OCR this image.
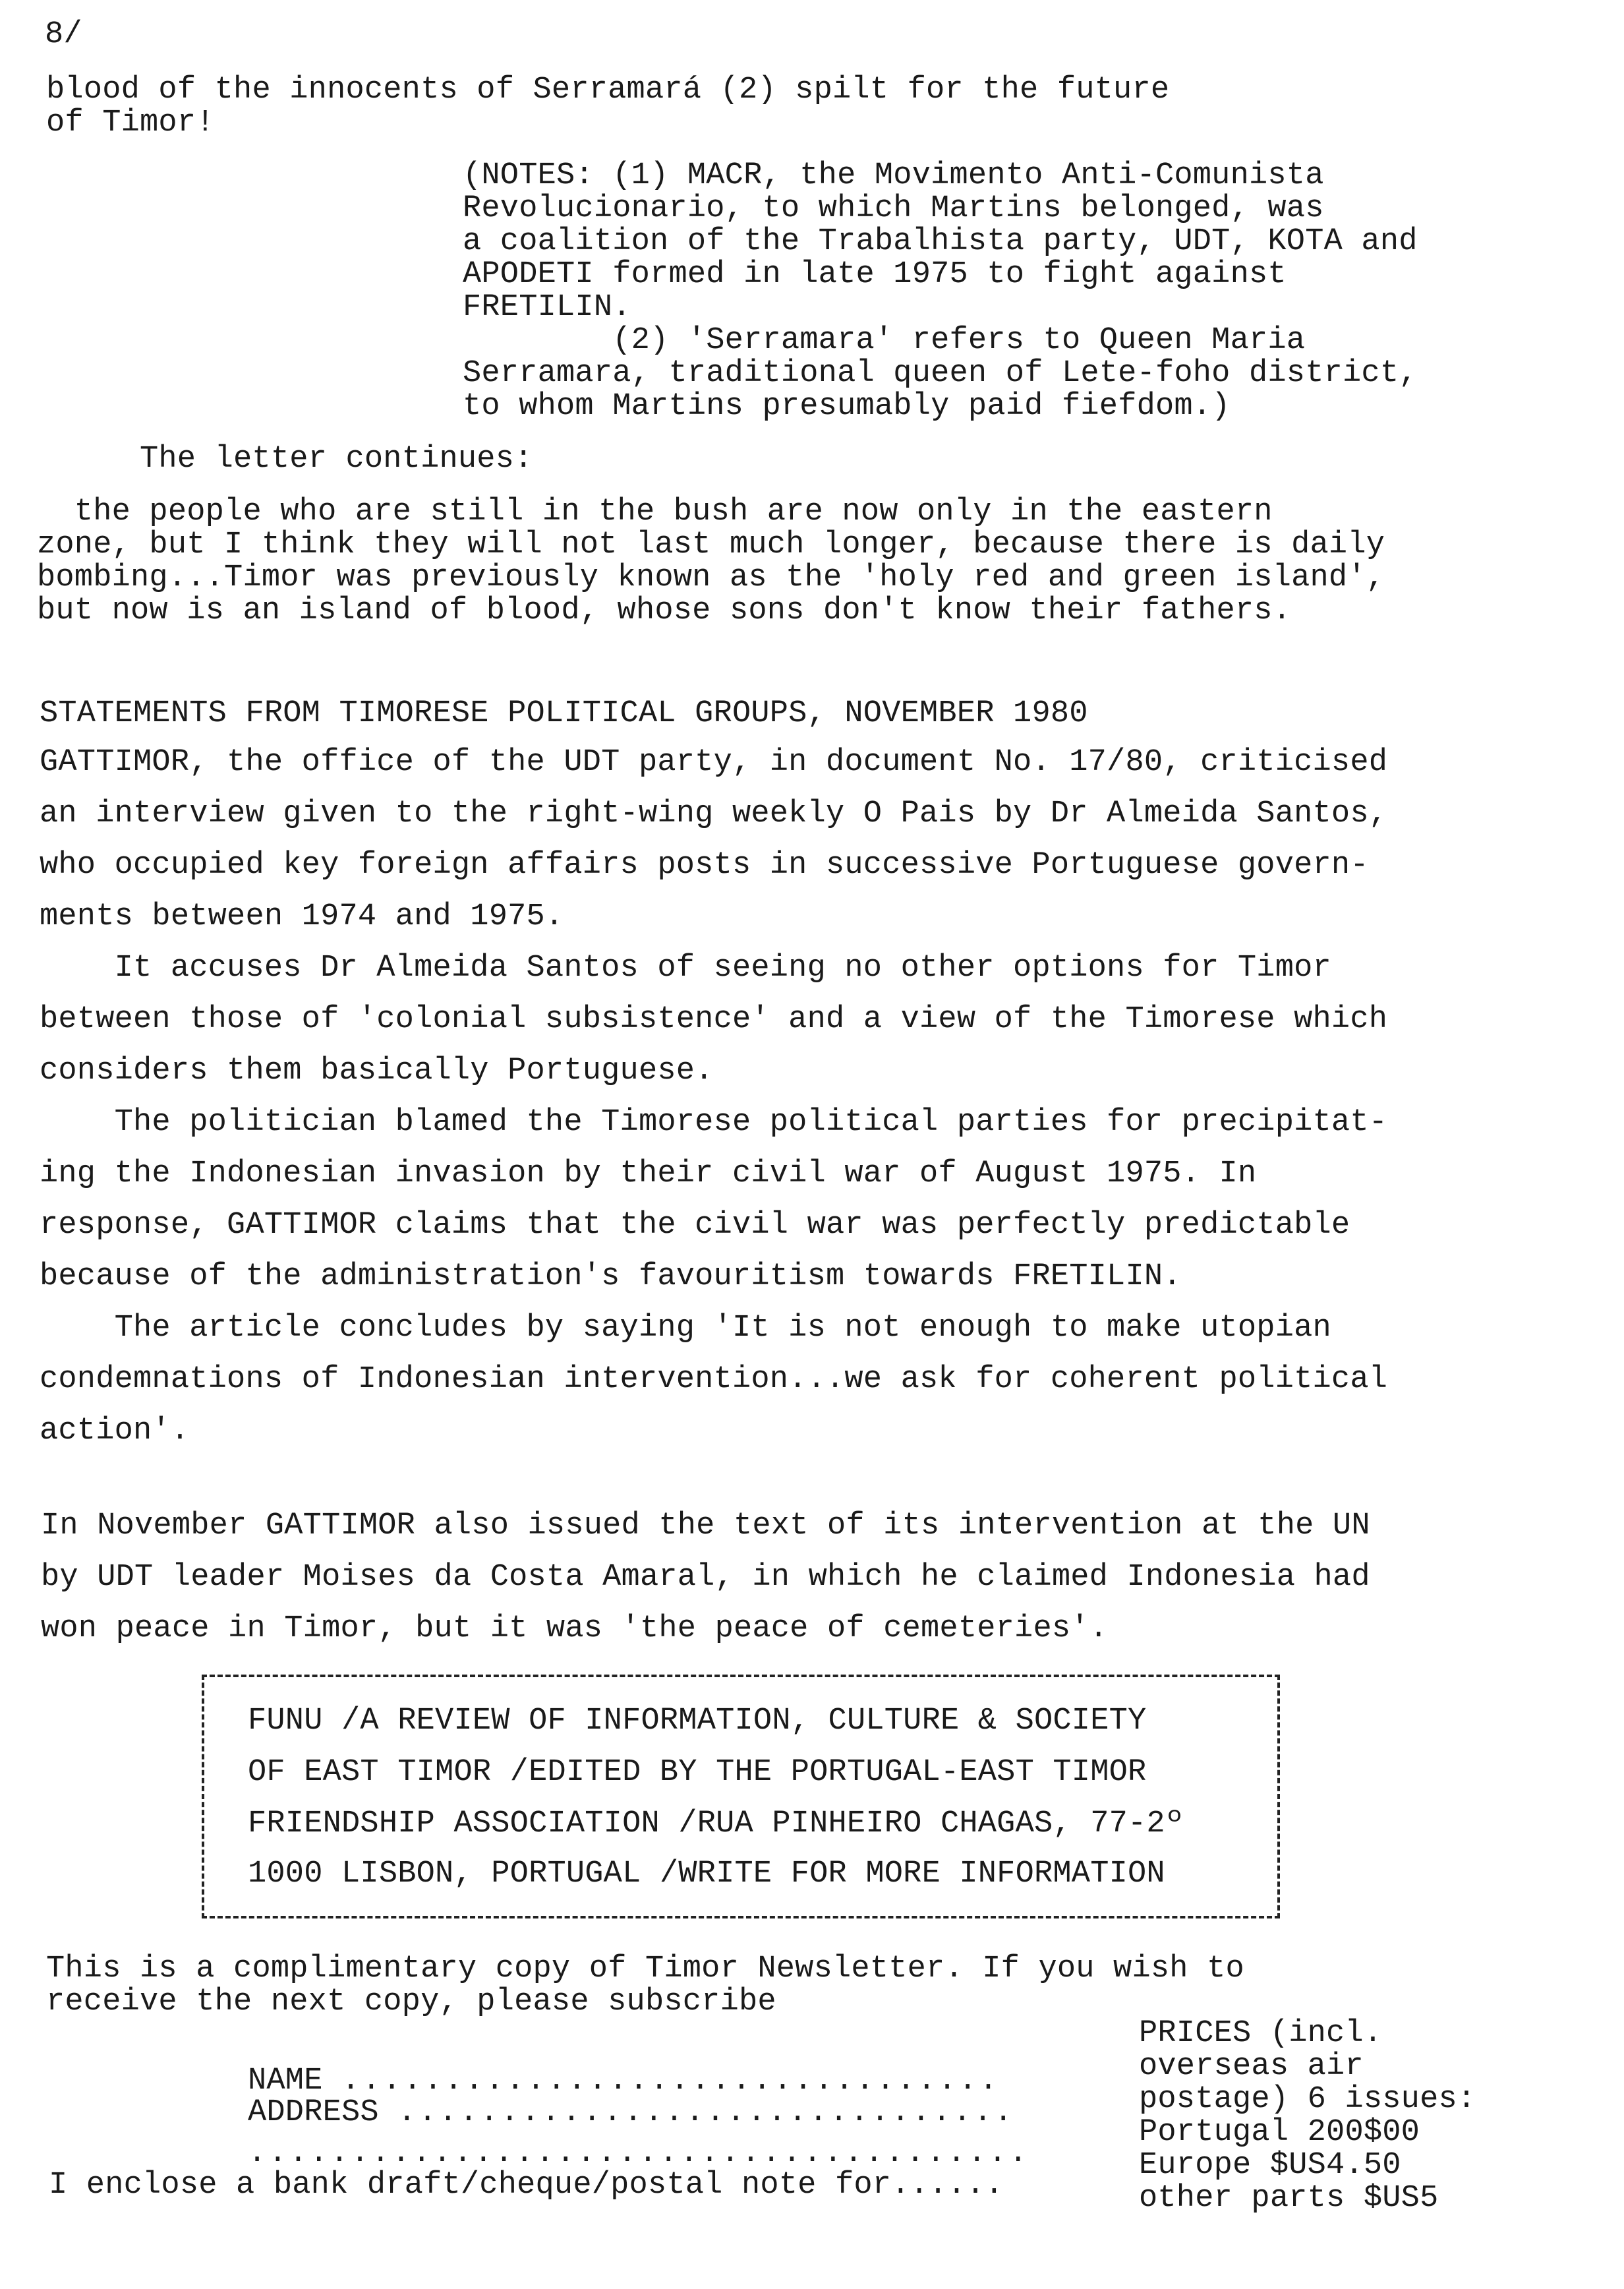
8/

blood of the innocents of Serramará (2) spilt for the future

of Timor!

(NOTES: (1) MACR, the Movimento Anti-Comunista

Revolucionario, to which Martins belonged, was

a coalition of the Trabalhista party, UDT, KOTA and

APODETI formed in late 1975 to fight against

FRETILIN.

(2) 'Serramara' refers to Queen Maria

Serramara, traditional queen of Lete-foho district,

to whom Martins presumably paid fiefdom.)

The letter continues:

the people who are still in the bush are now only in the eastern

zone, but I think they will not last much longer, because there is daily

bombing...Timor was previously known as the 'holy red and green island',

but now is an island of blood, whose sons don't know their fathers.

STATEMENTS FROM TIMORESE POLITICAL GROUPS, NOVEMBER 1980

GATTIMOR, the office of the UDT party, in document No. 17/80, criticised

an interview given to the right-wing weekly O Pais by Dr Almeida Santos,

who occupied key foreign affairs posts in successive Portuguese govern-

ments between 1974 and 1975.

It accuses Dr Almeida Santos of seeing no other options for Timor

between those of 'colonial subsistence' and a view of the Timorese which

considers them basically Portuguese.

The politician blamed the Timorese political parties for precipitat-

ing the Indonesian invasion by their civil war of August 1975. In

response, GATTIMOR claims that the civil war was perfectly predictable

because of the administration's favouritism towards FRETILIN.

The article concludes by saying 'It is not enough to make utopian

condemnations of Indonesian intervention...we ask for coherent political

action'.

In November GATTIMOR also issued the text of its intervention at the UN

by UDT leader Moises da Costa Amaral, in which he claimed Indonesia had

won peace in Timor, but it was 'the peace of cemeteries'.

FUNU /A REVIEW OF INFORMATION, CULTURE & SOCIETY

OF EAST TIMOR /EDITED BY THE PORTUGAL-EAST TIMOR

FRIENDSHIP ASSOCIATION /RUA PINHEIRO CHAGAS, 77-2º

1000 LISBON, PORTUGAL /WRITE FOR MORE INFORMATION

This is a complimentary copy of Timor Newsletter. If you wish to

receive the next copy, please subscribe

NAME ................................
ADDRESS ..............................
......................................

I enclose a bank draft/cheque/postal note for......

PRICES (incl.

overseas air

postage) 6 issues:

Portugal 200$00

Europe $US4.50

other parts $US5
